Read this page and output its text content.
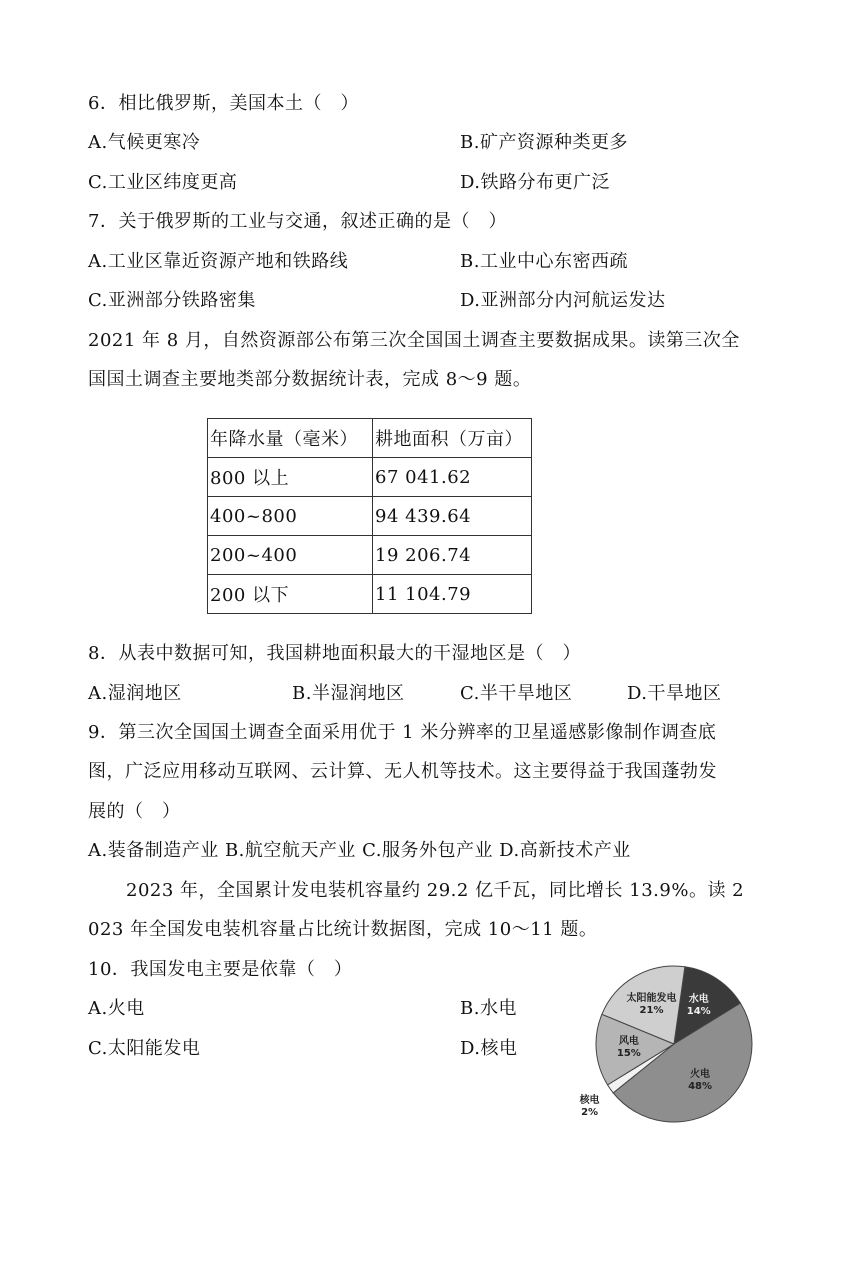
6．相比俄罗斯，美国本土（　）
A.气候更寒冷	B.矿产资源种类更多
C.工业区纬度更高	D.铁路分布更广泛
7．关于俄罗斯的工业与交通，叙述正确的是（　）
A.工业区靠近资源产地和铁路线	B.工业中心东密西疏
C.亚洲部分铁路密集	D.亚洲部分内河航运发达
2021 年 8 月，自然资源部公布第三次全国国土调查主要数据成果。读第三次全
国国土调查主要地类部分数据统计表，完成 8～9 题。
年降水量（毫米）	耕地面积（万亩）
800 以上	67 041.62
400~800	94 439.64
200~400	19 206.74
200 以下	11 104.79
8．从表中数据可知，我国耕地面积最大的干湿地区是（　）
A.湿润地区	B.半湿润地区	C.半干旱地区	D.干旱地区
9．第三次全国国土调查全面采用优于 1 米分辨率的卫星遥感影像制作调查底
图，广泛应用移动互联网、云计算、无人机等技术。这主要得益于我国蓬勃发
展的（　）
A.装备制造产业 B.航空航天产业 C.服务外包产业 D.高新技术产业
2023 年，全国累计发电装机容量约 29.2 亿千瓦，同比增长 13.9%。读 2
023 年全国发电装机容量占比统计数据图，完成 10～11 题。
10．我国发电主要是依靠（　）
A.火电	B.水电
C.太阳能发电	D.核电
水电
14%
火电
48%
核电
2%
风电
15%
太阳能发电
21%
